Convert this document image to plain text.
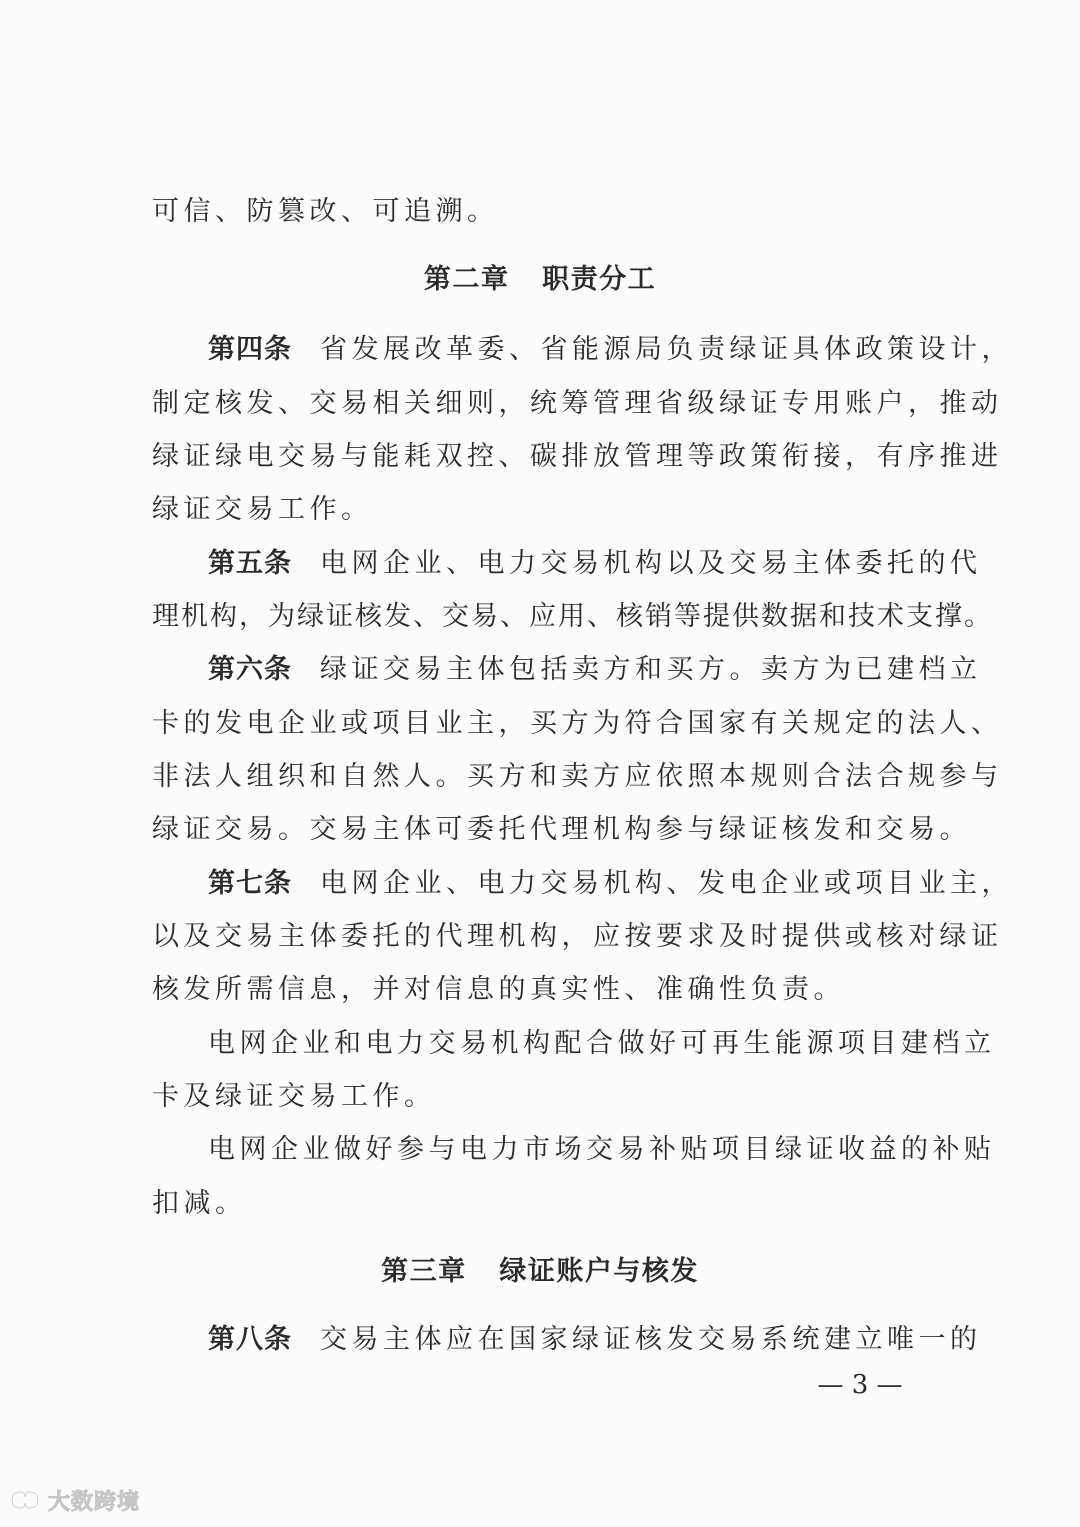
可信、防篡改、可追溯。
第二章   职责分工
第四条 省发展改革委、省能源局负责绿证具体政策设计，
制定核发、交易相关细则，统筹管理省级绿证专用账户，推动
绿证绿电交易与能耗双控、碳排放管理等政策衔接，有序推进
绿证交易工作。
第五条 电网企业、电力交易机构以及交易主体委托的代
理机构，为绿证核发、交易、应用、核销等提供数据和技术支撑。
第六条 绿证交易主体包括卖方和买方。卖方为已建档立
卡的发电企业或项目业主，买方为符合国家有关规定的法人、
非法人组织和自然人。买方和卖方应依照本规则合法合规参与
绿证交易。交易主体可委托代理机构参与绿证核发和交易。
第七条 电网企业、电力交易机构、发电企业或项目业主，
以及交易主体委托的代理机构，应按要求及时提供或核对绿证
核发所需信息，并对信息的真实性、准确性负责。
电网企业和电力交易机构配合做好可再生能源项目建档立
卡及绿证交易工作。
电网企业做好参与电力市场交易补贴项目绿证收益的补贴
扣减。
第三章   绿证账户与核发
第八条 交易主体应在国家绿证核发交易系统建立唯一的
— 3 —
大数跨境
